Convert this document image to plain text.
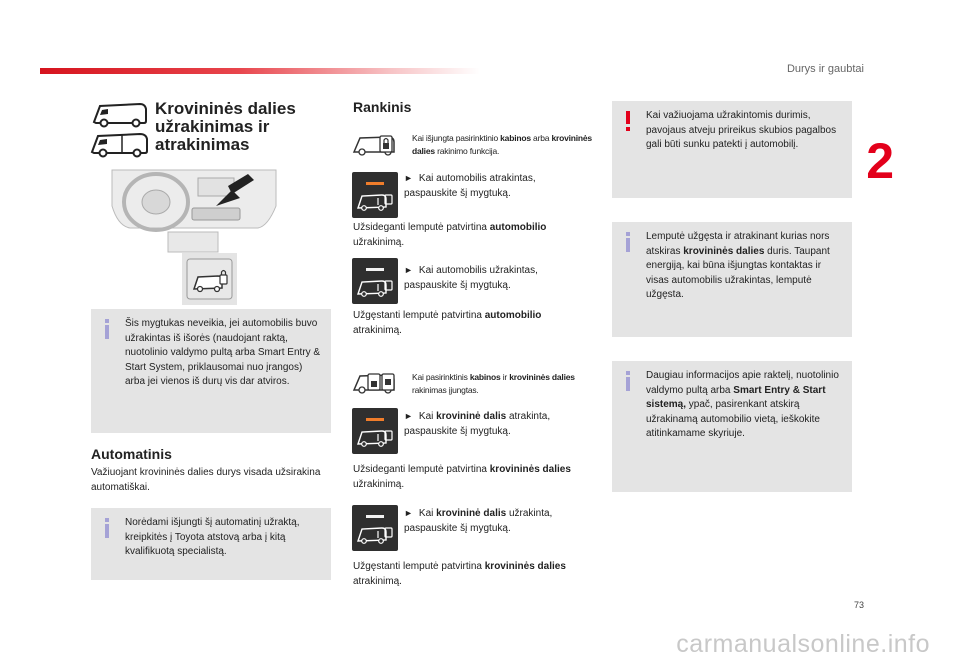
Durys ir gaubtai
2
Krovininės dalies užrakinimas ir atrakinimas

Šis mygtukas neveikia, jei automobilis buvo užrakintas iš išorės (naudojant raktą, nuotolinio valdymo pultą arba Smart Entry & Start System, priklausomai nuo įrangos) arba jei vienos iš durų vis dar atviros.

Automatinis

Važiuojant krovininės dalies durys visada užsirakina automatiškai.

Norėdami išjungti šį automatinį užraktą, kreipkitės į Toyota atstovą arba į kitą kvalifikuotą specialistą.

Rankinis

Kai išjungta pasirinktinio kabinos arba krovininės dalies rakinimo funkcija.

► Kai automobilis atrakintas, paspauskite šį mygtuką.

Užsideganti lemputė patvirtina automobilio užrakinimą.

► Kai automobilis užrakintas, paspauskite šį mygtuką.

Užgęstanti lemputė patvirtina automobilio atrakinimą.

Kai pasirinktinis kabinos ir krovininės dalies rakinimas įjungtas.

► Kai krovininė dalis atrakinta, paspauskite šį mygtuką.

Užsideganti lemputė patvirtina krovininės dalies užrakinimą.

► Kai krovininė dalis užrakinta, paspauskite šį mygtuką.

Užgęstanti lemputė patvirtina krovininės dalies atrakinimą.

Kai važiuojama užrakintomis durimis, pavojaus atveju prireikus skubios pagalbos gali būti sunku patekti į automobilį.

Lemputė užgęsta ir atrakinant kurias nors atskiras krovininės dalies duris. Taupant energiją, kai būna išjungtas kontaktas ir visas automobilis užrakintas, lemputė užgęsta.

Daugiau informacijos apie raktelį, nuotolinio valdymo pultą arba Smart Entry & Start sistemą, ypač, pasirenkant atskirą užrakinamą automobilio vietą, ieškokite atitinkamame skyriuje.

73
carmanualsonline.info
